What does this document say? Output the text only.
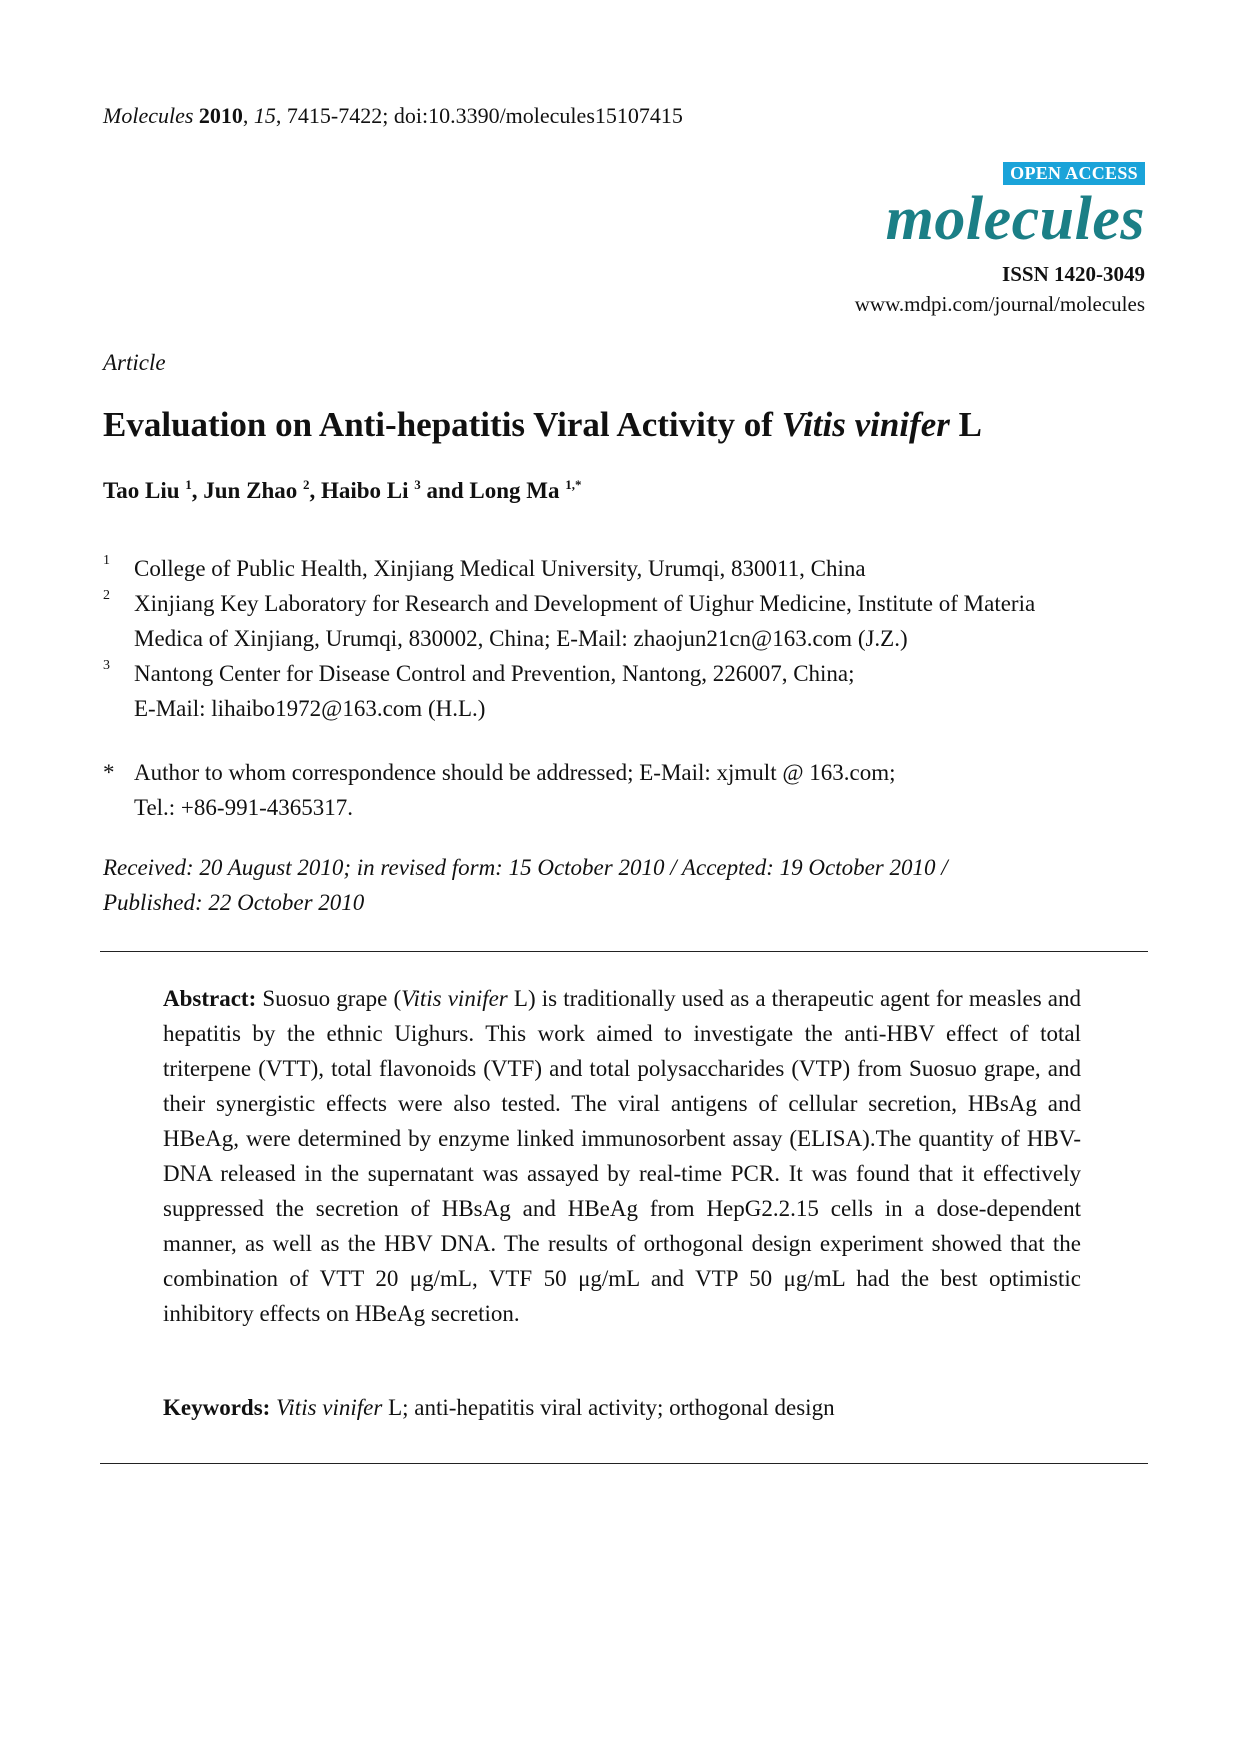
Molecules 2010, 15, 7415-7422; doi:10.3390/molecules15107415
OPEN ACCESS
molecules
ISSN 1420-3049
www.mdpi.com/journal/molecules
Article
Evaluation on Anti-hepatitis Viral Activity of Vitis vinifer L
Tao Liu $^1$, Jun Zhao $^2$, Haibo Li $^3$ and Long Ma $^{1,*}$
1 College of Public Health, Xinjiang Medical University, Urumqi, 830011, China
2 Xinjiang Key Laboratory for Research and Development of Uighur Medicine, Institute of Materia
Medica of Xinjiang, Urumqi, 830002, China; E-Mail: zhaojun21cn@163.com (J.Z.)
3 Nantong Center for Disease Control and Prevention, Nantong, 226007, China;
E-Mail: lihaibo1972@163.com (H.L.)
* Author to whom correspondence should be addressed; E-Mail: xjmult @ 163.com;
Tel.: +86-991-4365317.
Received: 20 August 2010; in revised form: 15 October 2010 / Accepted: 19 October 2010 /
Published: 22 October 2010
Abstract: Suosuo grape (Vitis vinifer L) is traditionally used as a therapeutic agent for measles and hepatitis by the ethnic Uighurs. This work aimed to investigate the anti-HBV effect of total triterpene (VTT), total flavonoids (VTF) and total polysaccharides (VTP) from Suosuo grape, and their synergistic effects were also tested. The viral antigens of cellular secretion, HBsAg and HBeAg, were determined by enzyme linked immunosorbent assay (ELISA).The quantity of HBV-DNA released in the supernatant was assayed by real-time PCR. It was found that it effectively suppressed the secretion of HBsAg and HBeAg from HepG2.2.15 cells in a dose-dependent manner, as well as the HBV DNA. The results of orthogonal design experiment showed that the combination of VTT 20 μg/mL, VTF 50 μg/mL and VTP 50 μg/mL had the best optimistic inhibitory effects on HBeAg secretion.
Keywords: Vitis vinifer L; anti-hepatitis viral activity; orthogonal design
